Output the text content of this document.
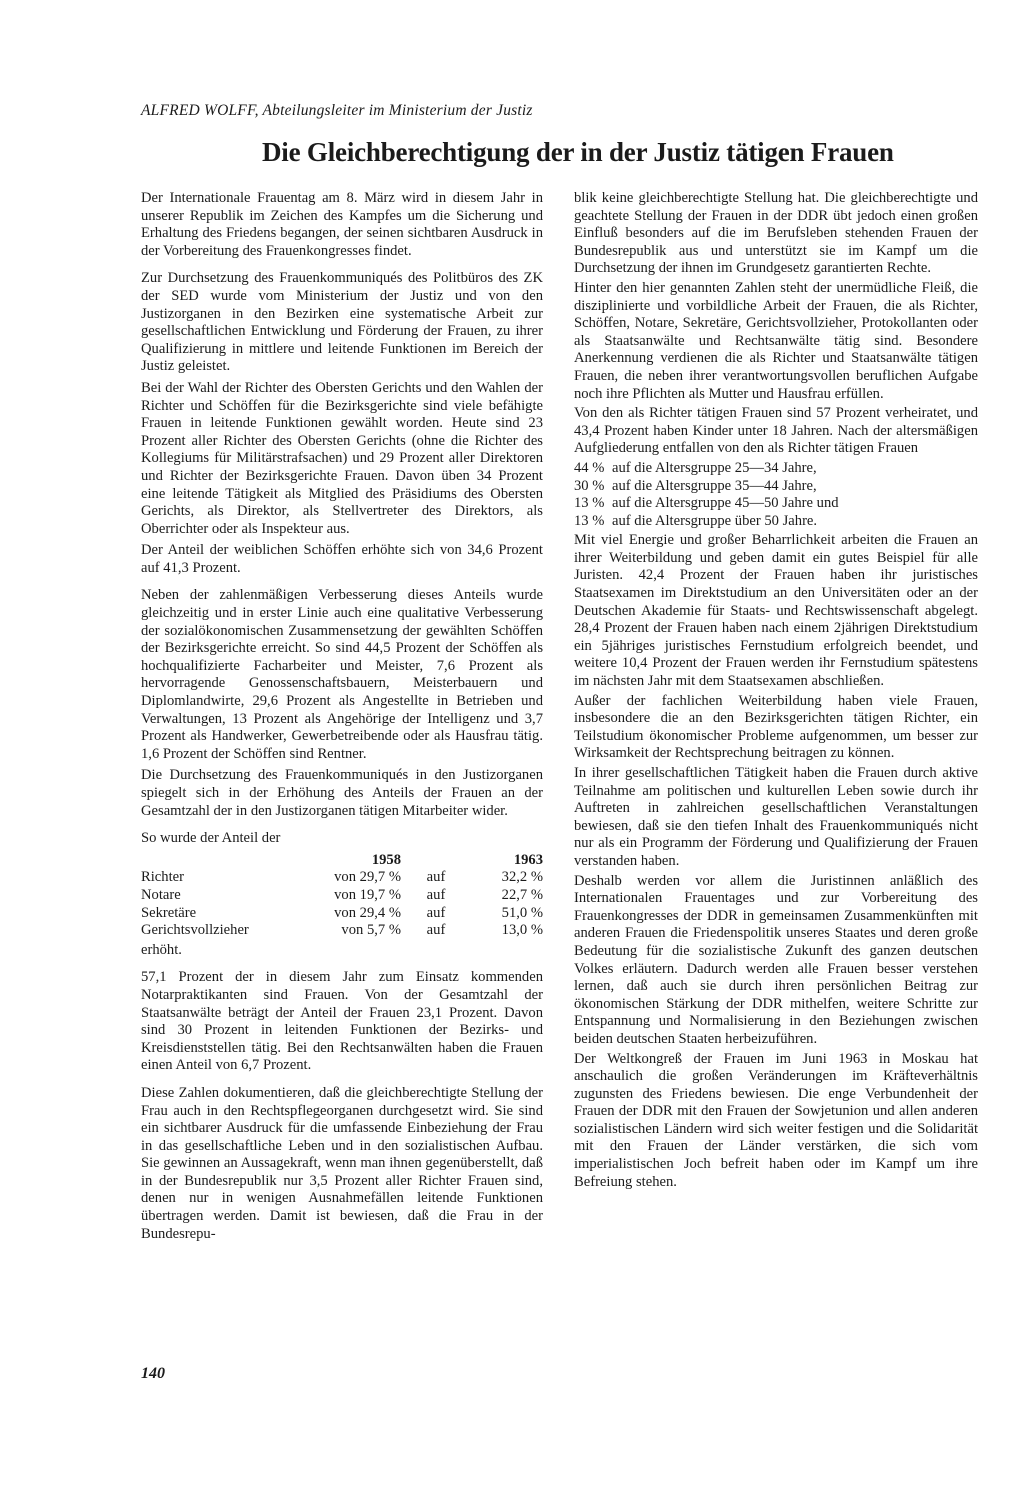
ALFRED WOLFF, Abteilungsleiter im Ministerium der Justiz
Die Gleichberechtigung der in der Justiz tätigen Frauen

Der Internationale Frauentag am 8. März wird in diesem Jahr in unserer Republik im Zeichen des Kampfes um die Sicherung und Erhaltung des Friedens begangen, der seinen sichtbaren Ausdruck in der Vorbereitung des Frauenkongresses findet.

Zur Durchsetzung des Frauenkommuniqués des Politbüros des ZK der SED wurde vom Ministerium der Justiz und von den Justizorganen in den Bezirken eine systematische Arbeit zur gesellschaftlichen Entwicklung und Förderung der Frauen, zu ihrer Qualifizierung in mittlere und leitende Funktionen im Bereich der Justiz geleistet.

Bei der Wahl der Richter des Obersten Gerichts und den Wahlen der Richter und Schöffen für die Bezirksgerichte sind viele befähigte Frauen in leitende Funktionen gewählt worden. Heute sind 23 Prozent aller Richter des Obersten Gerichts (ohne die Richter des Kollegiums für Militärstrafsachen) und 29 Prozent aller Direktoren und Richter der Bezirksgerichte Frauen. Davon üben 34 Prozent eine leitende Tätigkeit als Mitglied des Präsidiums des Obersten Gerichts, als Direktor, als Stellvertreter des Direktors, als Oberrichter oder als Inspekteur aus.

Der Anteil der weiblichen Schöffen erhöhte sich von 34,6 Prozent auf 41,3 Prozent.

Neben der zahlenmäßigen Verbesserung dieses Anteils wurde gleichzeitig und in erster Linie auch eine qualitative Verbesserung der sozialökonomischen Zusammensetzung der gewählten Schöffen der Bezirksgerichte erreicht. So sind 44,5 Prozent der Schöffen als hochqualifizierte Facharbeiter und Meister, 7,6 Prozent als hervorragende Genossenschaftsbauern, Meisterbauern und Diplomlandwirte, 29,6 Prozent als Angestellte in Betrieben und Verwaltungen, 13 Prozent als Angehörige der Intelligenz und 3,7 Prozent als Handwerker, Gewerbetreibende oder als Hausfrau tätig. 1,6 Prozent der Schöffen sind Rentner.

Die Durchsetzung des Frauenkommuniqués in den Justizorganen spiegelt sich in der Erhöhung des Anteils der Frauen an der Gesamtzahl der in den Justizorganen tätigen Mitarbeiter wider.

So wurde der Anteil der

	1958		1963
Richter	von 29,7 %	auf	32,2 %
Notare	von 19,7 %	auf	22,7 %
Sekretäre	von 29,4 %	auf	51,0 %
Gerichtsvollzieher	von 5,7 %	auf	13,0 %

erhöht.

57,1 Prozent der in diesem Jahr zum Einsatz kommenden Notarpraktikanten sind Frauen. Von der Gesamtzahl der Staatsanwälte beträgt der Anteil der Frauen 23,1 Prozent. Davon sind 30 Prozent in leitenden Funktionen der Bezirks- und Kreisdienststellen tätig. Bei den Rechtsanwälten haben die Frauen einen Anteil von 6,7 Prozent.

Diese Zahlen dokumentieren, daß die gleichberechtigte Stellung der Frau auch in den Rechtspflegeorganen durchgesetzt wird. Sie sind ein sichtbarer Ausdruck für die umfassende Einbeziehung der Frau in das gesellschaftliche Leben und in den sozialistischen Aufbau. Sie gewinnen an Aussagekraft, wenn man ihnen gegenüberstellt, daß in der Bundesrepublik nur 3,5 Prozent aller Richter Frauen sind, denen nur in wenigen Ausnahmefällen leitende Funktionen übertragen werden. Damit ist bewiesen, daß die Frau in der Bundesrepu-

blik keine gleichberechtigte Stellung hat. Die gleichberechtigte und geachtete Stellung der Frauen in der DDR übt jedoch einen großen Einfluß besonders auf die im Berufsleben stehenden Frauen der Bundesrepublik aus und unterstützt sie im Kampf um die Durchsetzung der ihnen im Grundgesetz garantierten Rechte.

Hinter den hier genannten Zahlen steht der unermüdliche Fleiß, die disziplinierte und vorbildliche Arbeit der Frauen, die als Richter, Schöffen, Notare, Sekretäre, Gerichtsvollzieher, Protokollanten oder als Staatsanwälte und Rechtsanwälte tätig sind. Besondere Anerkennung verdienen die als Richter und Staatsanwälte tätigen Frauen, die neben ihrer verantwortungsvollen beruflichen Aufgabe noch ihre Pflichten als Mutter und Hausfrau erfüllen.

Von den als Richter tätigen Frauen sind 57 Prozent verheiratet, und 43,4 Prozent haben Kinder unter 18 Jahren. Nach der altersmäßigen Aufgliederung entfallen von den als Richter tätigen Frauen

44 % auf die Altersgruppe 25—34 Jahre,
30 % auf die Altersgruppe 35—44 Jahre,
13 % auf die Altersgruppe 45—50 Jahre und
13 % auf die Altersgruppe über 50 Jahre.

Mit viel Energie und großer Beharrlichkeit arbeiten die Frauen an ihrer Weiterbildung und geben damit ein gutes Beispiel für alle Juristen. 42,4 Prozent der Frauen haben ihr juristisches Staatsexamen im Direktstudium an den Universitäten oder an der Deutschen Akademie für Staats- und Rechtswissenschaft abgelegt. 28,4 Prozent der Frauen haben nach einem 2jährigen Direktstudium ein 5jähriges juristisches Fernstudium erfolgreich beendet, und weitere 10,4 Prozent der Frauen werden ihr Fernstudium spätestens im nächsten Jahr mit dem Staatsexamen abschließen.

Außer der fachlichen Weiterbildung haben viele Frauen, insbesondere die an den Bezirksgerichten tätigen Richter, ein Teilstudium ökonomischer Probleme aufgenommen, um besser zur Wirksamkeit der Rechtsprechung beitragen zu können.

In ihrer gesellschaftlichen Tätigkeit haben die Frauen durch aktive Teilnahme am politischen und kulturellen Leben sowie durch ihr Auftreten in zahlreichen gesellschaftlichen Veranstaltungen bewiesen, daß sie den tiefen Inhalt des Frauenkommuniqués nicht nur als ein Programm der Förderung und Qualifizierung der Frauen verstanden haben.

Deshalb werden vor allem die Juristinnen anläßlich des Internationalen Frauentages und zur Vorbereitung des Frauenkongresses der DDR in gemeinsamen Zusammenkünften mit anderen Frauen die Friedenspolitik unseres Staates und deren große Bedeutung für die sozialistische Zukunft des ganzen deutschen Volkes erläutern. Dadurch werden alle Frauen besser verstehen lernen, daß auch sie durch ihren persönlichen Beitrag zur ökonomischen Stärkung der DDR mithelfen, weitere Schritte zur Entspannung und Normalisierung in den Beziehungen zwischen beiden deutschen Staaten herbeizuführen.

Der Weltkongreß der Frauen im Juni 1963 in Moskau hat anschaulich die großen Veränderungen im Kräfteverhältnis zugunsten des Friedens bewiesen. Die enge Verbundenheit der Frauen der DDR mit den Frauen der Sowjetunion und allen anderen sozialistischen Ländern wird sich weiter festigen und die Solidarität mit den Frauen der Länder verstärken, die sich vom imperialistischen Joch befreit haben oder im Kampf um ihre Befreiung stehen.

140
